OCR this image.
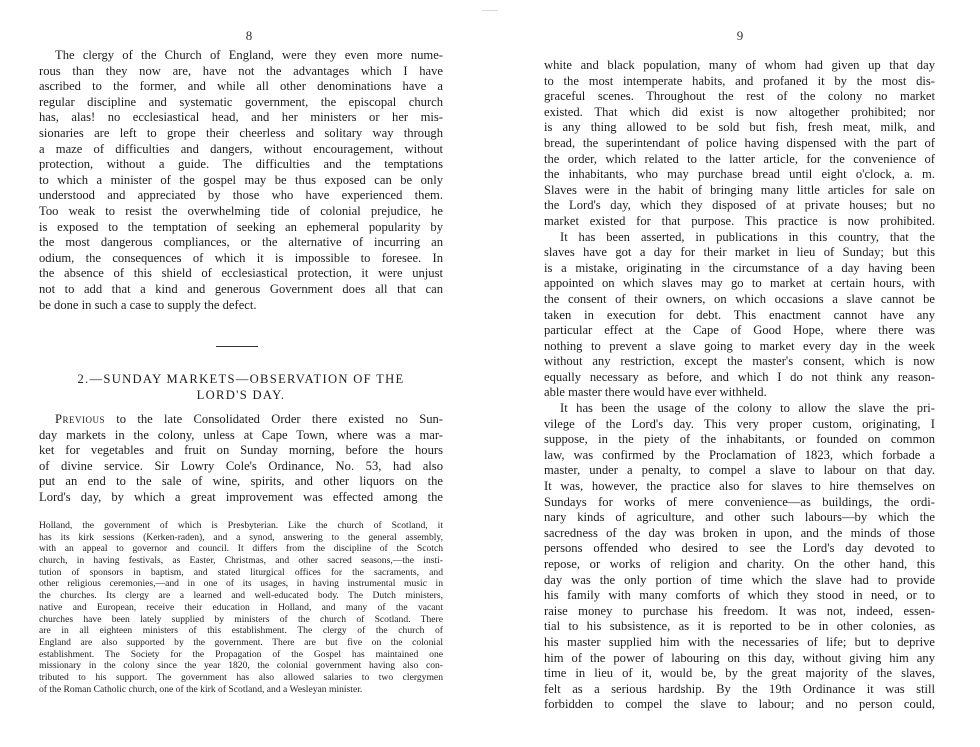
8
The clergy of the Church of England, were they even more nume-
rous than they now are, have not the advantages which I have
ascribed to the former, and while all other denominations have a
regular discipline and systematic government, the episcopal church
has, alas! no ecclesiastical head, and her ministers or her mis-
sionaries are left to grope their cheerless and solitary way through
a maze of difficulties and dangers, without encouragement, without
protection, without a guide. The difficulties and the temptations
to which a minister of the gospel may be thus exposed can be only
understood and appreciated by those who have experienced them.
Too weak to resist the overwhelming tide of colonial prejudice, he
is exposed to the temptation of seeking an ephemeral popularity by
the most dangerous compliances, or the alternative of incurring an
odium, the consequences of which it is impossible to foresee. In
the absence of this shield of ecclesiastical protection, it were unjust
not to add that a kind and generous Government does all that can
be done in such a case to supply the defect.
2.—SUNDAY MARKETS—OBSERVATION OF THE
LORD'S DAY.
Previous to the late Consolidated Order there existed no Sun-
day markets in the colony, unless at Cape Town, where was a mar-
ket for vegetables and fruit on Sunday morning, before the hours
of divine service. Sir Lowry Cole's Ordinance, No. 53, had also
put an end to the sale of wine, spirits, and other liquors on the
Lord's day, by which a great improvement was effected among the
Holland, the government of which is Presbyterian. Like the church of Scotland, it
has its kirk sessions (Kerken-raden), and a synod, answering to the general assembly,
with an appeal to governor and council. It differs from the discipline of the Scotch
church, in having festivals, as Easter, Christmas, and other sacred seasons,—the insti-
tution of sponsors in baptism, and stated liturgical offices for the sacraments, and
other religious ceremonies,—and in one of its usages, in having instrumental music in
the churches. Its clergy are a learned and well-educated body. The Dutch ministers,
native and European, receive their education in Holland, and many of the vacant
churches have been lately supplied by ministers of the church of Scotland. There
are in all eighteen ministers of this establishment. The clergy of the church of
England are also supported by the government. There are but five on the colonial
establishment. The Society for the Propagation of the Gospel has maintained one
missionary in the colony since the year 1820, the colonial government having also con-
tributed to his support. The government has also allowed salaries to two clergymen
of the Roman Catholic church, one of the kirk of Scotland, and a Wesleyan minister.
9
white and black population, many of whom had given up that day
to the most intemperate habits, and profaned it by the most dis-
graceful scenes. Throughout the rest of the colony no market
existed. That which did exist is now altogether prohibited; nor
is any thing allowed to be sold but fish, fresh meat, milk, and
bread, the superintendant of police having dispensed with the part of
the order, which related to the latter article, for the convenience of
the inhabitants, who may purchase bread until eight o'clock, a. m.
Slaves were in the habit of bringing many little articles for sale on
the Lord's day, which they disposed of at private houses; but no
market existed for that purpose. This practice is now prohibited.
It has been asserted, in publications in this country, that the
slaves have got a day for their market in lieu of Sunday; but this
is a mistake, originating in the circumstance of a day having been
appointed on which slaves may go to market at certain hours, with
the consent of their owners, on which occasions a slave cannot be
taken in execution for debt. This enactment cannot have any
particular effect at the Cape of Good Hope, where there was
nothing to prevent a slave going to market every day in the week
without any restriction, except the master's consent, which is now
equally necessary as before, and which I do not think any reason-
able master there would have ever withheld.
It has been the usage of the colony to allow the slave the pri-
vilege of the Lord's day. This very proper custom, originating, I
suppose, in the piety of the inhabitants, or founded on common
law, was confirmed by the Proclamation of 1823, which forbade a
master, under a penalty, to compel a slave to labour on that day.
It was, however, the practice also for slaves to hire themselves on
Sundays for works of mere convenience—as buildings, the ordi-
nary kinds of agriculture, and other such labours—by which the
sacredness of the day was broken in upon, and the minds of those
persons offended who desired to see the Lord's day devoted to
repose, or works of religion and charity. On the other hand, this
day was the only portion of time which the slave had to provide
his family with many comforts of which they stood in need, or to
raise money to purchase his freedom. It was not, indeed, essen-
tial to his subsistence, as it is reported to be in other colonies, as
his master supplied him with the necessaries of life; but to deprive
him of the power of labouring on this day, without giving him any
time in lieu of it, would be, by the great majority of the slaves,
felt as a serious hardship. By the 19th Ordinance it was still
forbidden to compel the slave to labour; and no person could,
